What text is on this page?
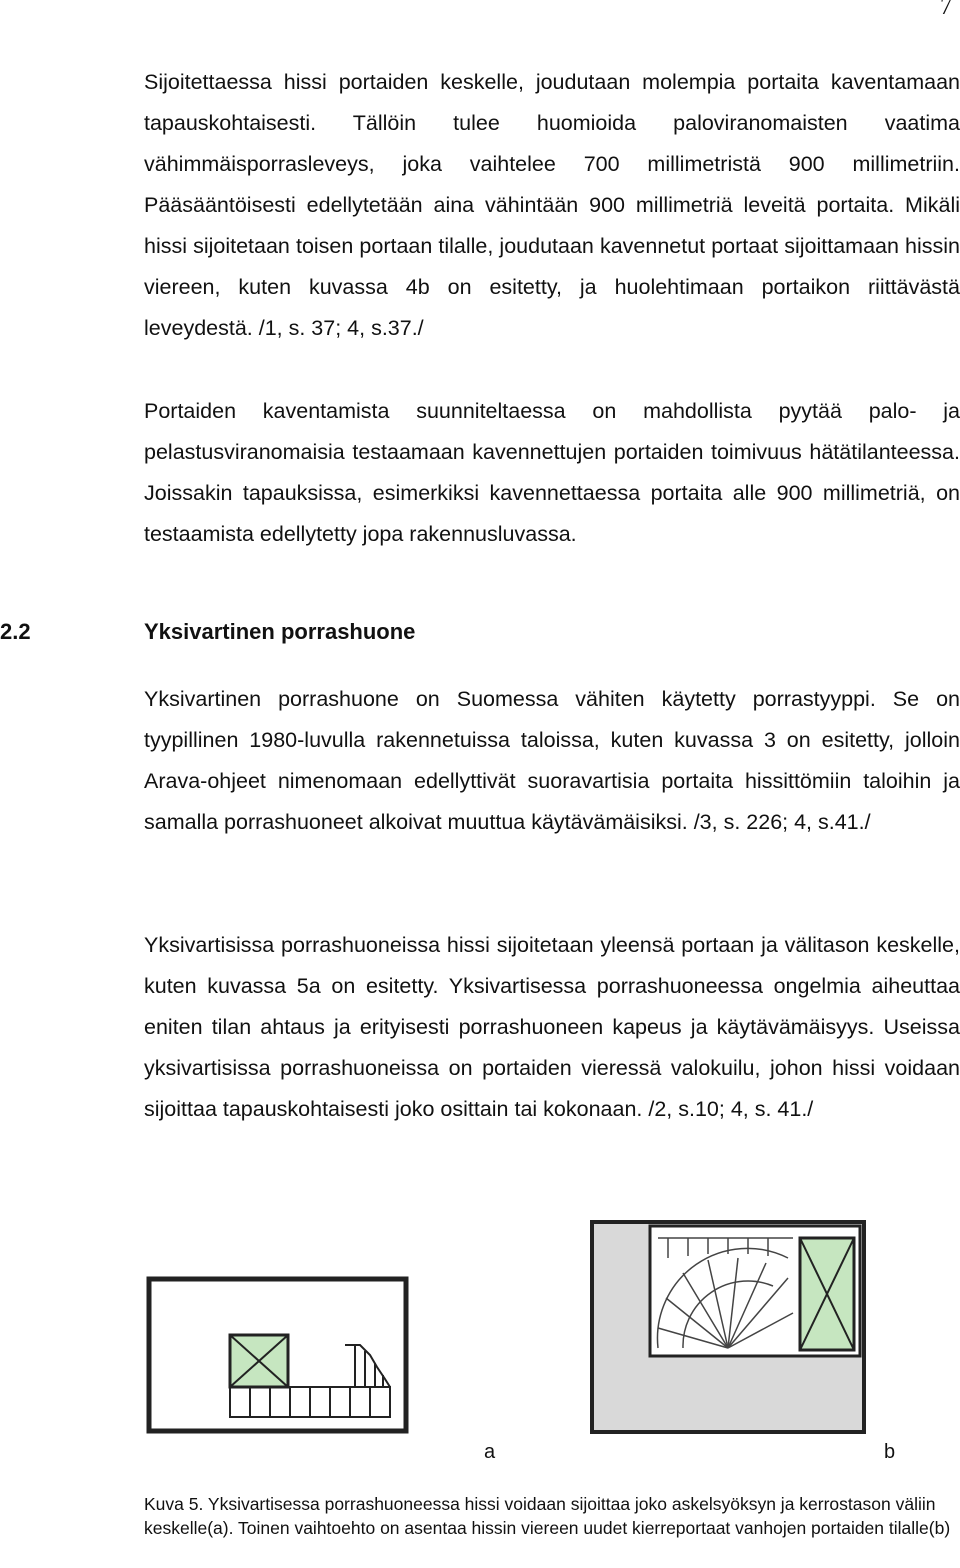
7

Sijoitettaessa hissi portaiden keskelle, joudutaan molempia portaita kaventamaan tapauskohtaisesti. Tällöin tulee huomioida paloviranomaisten vaatima vähimmäisporrasleveys, joka vaihtelee 700 millimetristä 900 millimetriin. Pääsääntöisesti edellytetään aina vähintään 900 millimetriä leveitä portaita. Mikäli hissi sijoitetaan toisen portaan tilalle, joudutaan kavennetut portaat sijoittamaan hissin viereen, kuten kuvassa 4b on esitetty, ja huolehtimaan portaikon riittävästä leveydestä. /1, s. 37; 4, s.37./

Portaiden kaventamista suunniteltaessa on mahdollista pyytää palo- ja pelastusviranomaisia testaamaan kavennettujen portaiden toimivuus hätätilanteessa. Joissakin tapauksissa, esimerkiksi kavennettaessa portaita alle 900 millimetriä, on testaamista edellytetty jopa rakennusluvassa.

2.2	Yksivartinen porrashuone

Yksivartinen porrashuone on Suomessa vähiten käytetty porrastyyppi. Se on tyypillinen 1980-luvulla rakennetuissa taloissa, kuten kuvassa 3 on esitetty, jolloin Arava-ohjeet nimenomaan edellyttivät suoravartisia portaita hissittömiin taloihin ja samalla porrashuoneet alkoivat muuttua käytävämäisiksi. /3, s. 226; 4, s.41./

Yksivartisissa porrashuoneissa hissi sijoitetaan yleensä portaan ja välitason keskelle, kuten kuvassa 5a on esitetty. Yksivartisessa porrashuoneessa ongelmia aiheuttaa eniten tilan ahtaus ja erityisesti porrashuoneen kapeus ja käytävämäisyys. Useissa yksivartisissa porrashuoneissa on portaiden vieressä valokuilu, johon hissi voidaan sijoittaa tapauskohtaisesti joko osittain tai kokonaan. /2, s.10; 4, s. 41./

a	b

Kuva 5. Yksivartisessa porrashuoneessa hissi voidaan sijoittaa joko askelsyöksyn ja kerrostason väliin keskelle(a). Toinen vaihtoehto on asentaa hissin viereen uudet kierreportaat vanhojen portaiden tilalle(b)
